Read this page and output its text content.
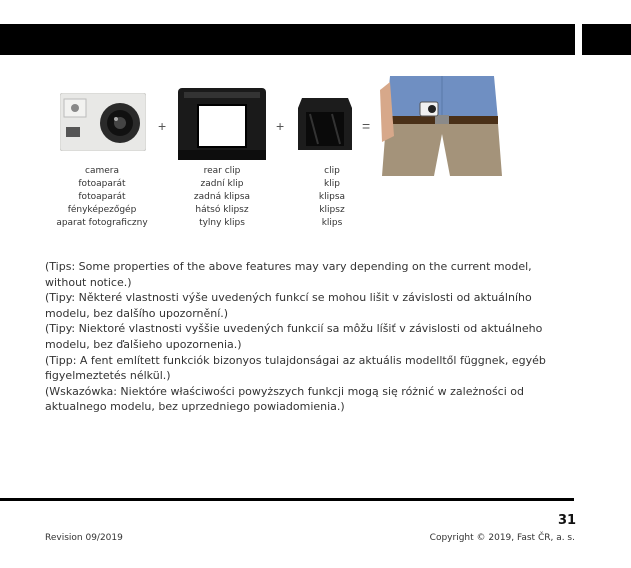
+	+	=
camera
fotoaparát
fotoaparát
fényképezőgép
aparat fotograficzny
rear clip
zadní klip
zadná klipsa
hátsó klipsz
tylny klips
clip
klip
klipsa
klipsz
klips

(Tips: Some properties of the above features may vary depending on the current model, without notice.)

(Tipy: Některé vlastnosti výše uvedených funkcí se mohou lišit v závislosti od aktuálního modelu, bez dalšího upozornění.)

(Tipy: Niektoré vlastnosti vyššie uvedených funkcií sa môžu líšiť v závislosti od aktuálneho modelu, bez ďalšieho upozornenia.)

(Tipp: A fent említett funkciók bizonyos tulajdonságai az aktuális modelltől függnek, egyéb figyelmeztetés nélkül.)

(Wskazówka: Niektóre właściwości powyższych funkcji mogą się różnić w zależności od aktualnego modelu, bez uprzedniego powiadomienia.)

31
Revision 09/2019	Copyright © 2019, Fast ČR, a. s.
